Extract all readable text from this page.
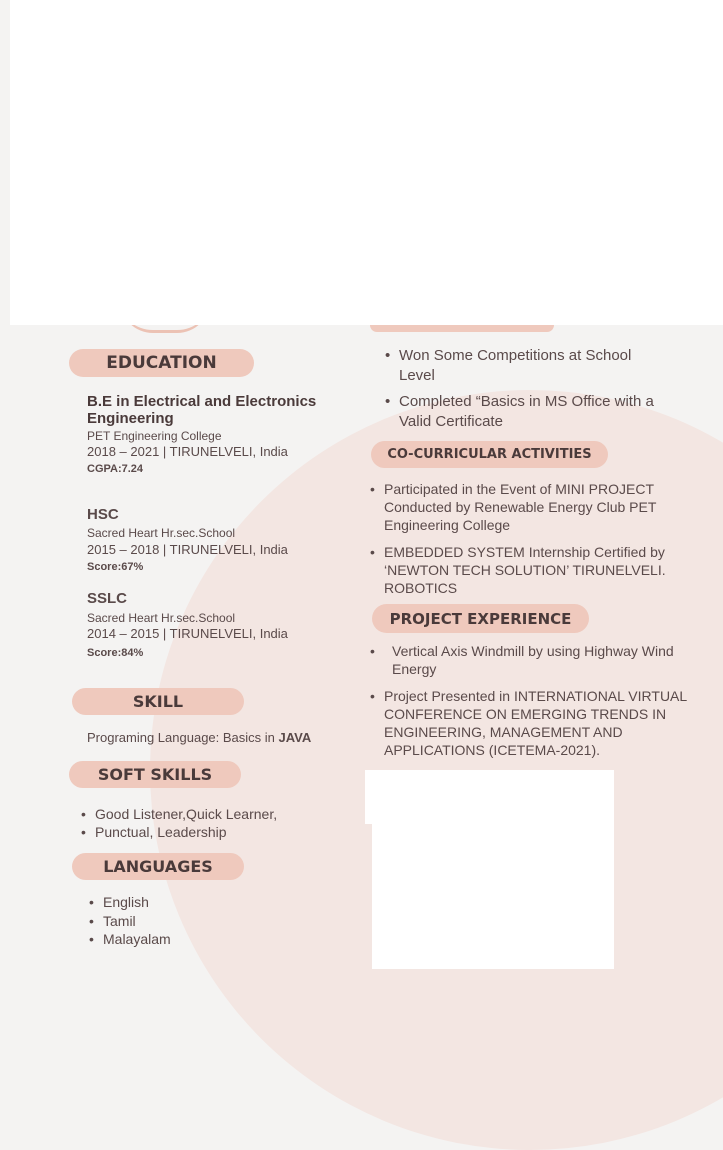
EDUCATION
B.E in Electrical and Electronics Engineering
PET Engineering College
2018 – 2021 | TIRUNELVELI, India
CGPA:7.24
HSC
Sacred Heart Hr.sec.School
2015 – 2018 | TIRUNELVELI, India
Score:67%
SSLC
Sacred Heart Hr.sec.School
2014 – 2015 | TIRUNELVELI, India
Score:84%
SKILL
Programing Language: Basics in JAVA
SOFT SKILLS
• Good Listener,Quick Learner,
• Punctual, Leadership
LANGUAGES
• English
• Tamil
• Malayalam
• Won Some Competitions at School Level
• Completed “Basics in MS Office with a Valid Certificate
CO-CURRICULAR ACTIVITIES
• Participated in the Event of MINI PROJECT Conducted by Renewable Energy Club PET Engineering College
• EMBEDDED SYSTEM Internship Certified by ‘NEWTON TECH SOLUTION’ TIRUNELVELI. ROBOTICS
PROJECT EXPERIENCE
• Vertical Axis Windmill by using Highway Wind Energy
• Project Presented in INTERNATIONAL VIRTUAL CONFERENCE ON EMERGING TRENDS IN ENGINEERING, MANAGEMENT AND APPLICATIONS (ICETEMA-2021).
